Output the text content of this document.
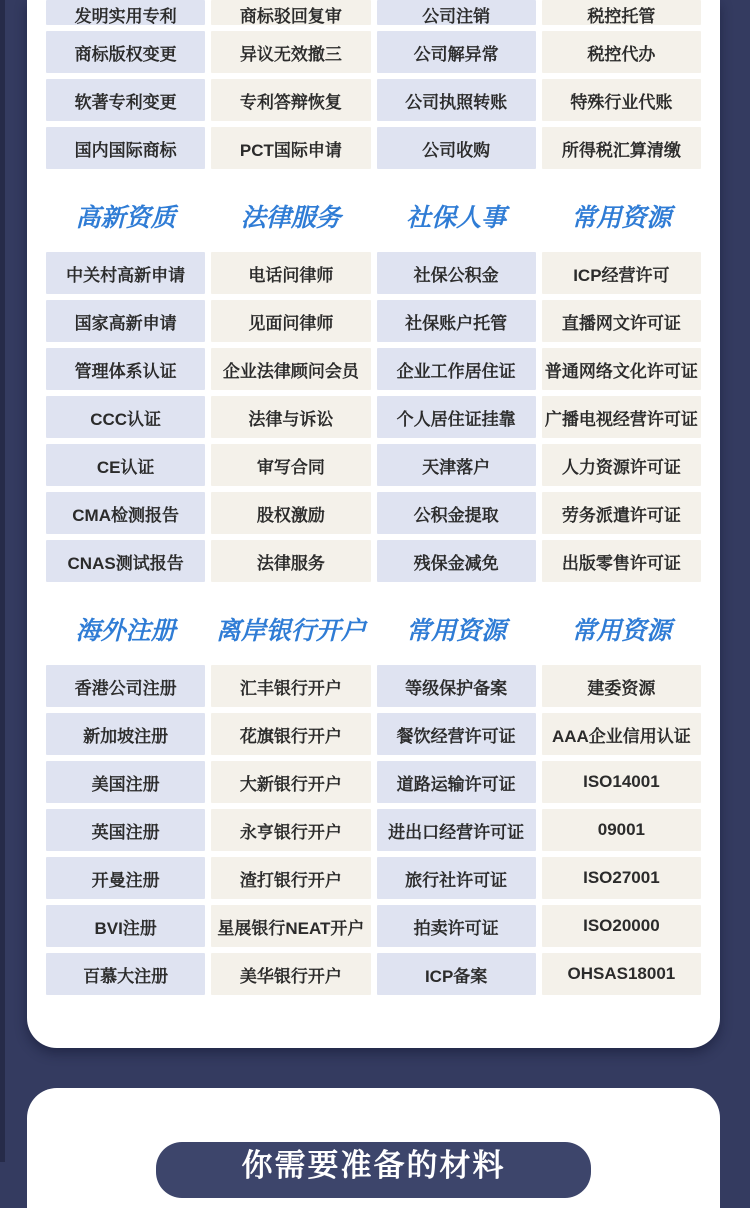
发明实用专利	商标驳回复审	公司注销	税控托管
商标版权变更	异议无效撤三	公司解异常	税控代办
软著专利变更	专利答辩恢复	公司执照转账	特殊行业代账
国内国际商标	PCT国际申请	公司收购	所得税汇算清缴
高新资质	法律服务	社保人事	常用资源
中关村高新申请	电话问律师	社保公积金	ICP经营许可
国家高新申请	见面问律师	社保账户托管	直播网文许可证
管理体系认证	企业法律顾问会员	企业工作居住证	普通网络文化许可证
CCC认证	法律与诉讼	个人居住证挂靠	广播电视经营许可证
CE认证	审写合同	天津落户	人力资源许可证
CMA检测报告	股权激励	公积金提取	劳务派遣许可证
CNAS测试报告	法律服务	残保金减免	出版零售许可证
海外注册	离岸银行开户	常用资源	常用资源
香港公司注册	汇丰银行开户	等级保护备案	建委资源
新加坡注册	花旗银行开户	餐饮经营许可证	AAA企业信用认证
美国注册	大新银行开户	道路运输许可证	ISO14001
英国注册	永亨银行开户	进出口经营许可证	09001
开曼注册	渣打银行开户	旅行社许可证	ISO27001
BVI注册	星展银行NEAT开户	拍卖许可证	ISO20000
百慕大注册	美华银行开户	ICP备案	OHSAS18001
你需要准备的材料
